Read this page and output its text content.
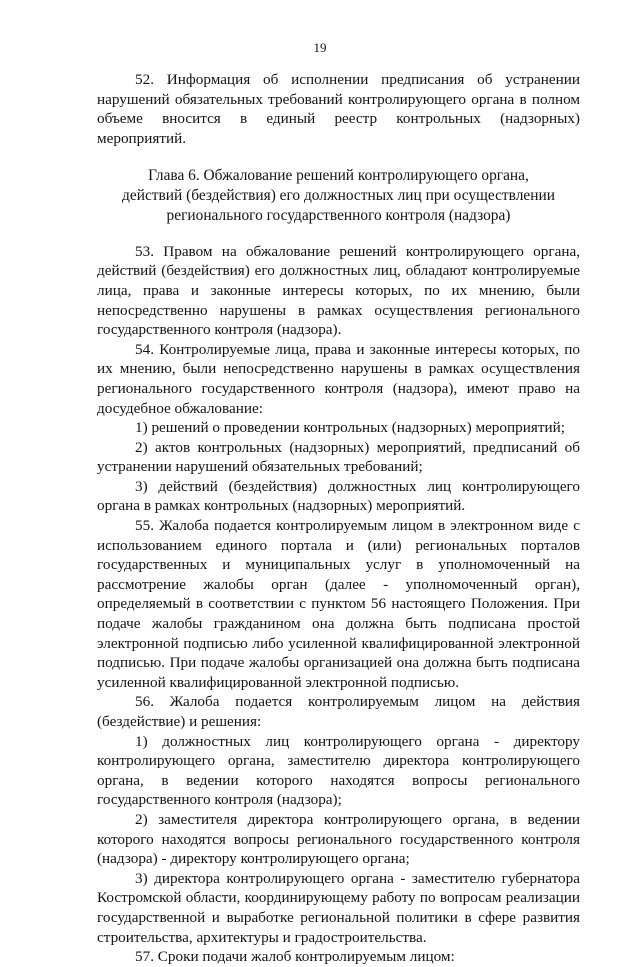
19

52. Информация об исполнении предписания об устранении нарушений обязательных требований контролирующего органа в полном объеме вносится в единый реестр контрольных (надзорных) мероприятий.

Глава 6. Обжалование решений контролирующего органа,
действий (бездействия) его должностных лиц при осуществлении
регионального государственного контроля (надзора)

53. Правом на обжалование решений контролирующего органа, действий (бездействия) его должностных лиц, обладают контролируемые лица, права и законные интересы которых, по их мнению, были непосредственно нарушены в рамках осуществления регионального государственного контроля (надзора).

54. Контролируемые лица, права и законные интересы которых, по их мнению, были непосредственно нарушены в рамках осуществления регионального государственного контроля (надзора), имеют право на досудебное обжалование:

1) решений о проведении контрольных (надзорных) мероприятий;

2) актов контрольных (надзорных) мероприятий, предписаний об устранении нарушений обязательных требований;

3) действий (бездействия) должностных лиц контролирующего органа в рамках контрольных (надзорных) мероприятий.

55. Жалоба подается контролируемым лицом в электронном виде с использованием единого портала и (или) региональных порталов государственных и муниципальных услуг в уполномоченный на рассмотрение жалобы орган (далее - уполномоченный орган), определяемый в соответствии с пунктом 56 настоящего Положения. При подаче жалобы гражданином она должна быть подписана простой электронной подписью либо усиленной квалифицированной электронной подписью. При подаче жалобы организацией она должна быть подписана усиленной квалифицированной электронной подписью.

56. Жалоба подается контролируемым лицом на действия (бездействие) и решения:

1) должностных лиц контролирующего органа - директору контролирующего органа, заместителю директора контролирующего органа, в ведении которого находятся вопросы регионального государственного контроля (надзора);

2) заместителя директора контролирующего органа, в ведении которого находятся вопросы регионального государственного контроля (надзора) - директору контролирующего органа;

3) директора контролирующего органа - заместителю губернатора Костромской области, координирующему работу по вопросам реализации государственной и выработке региональной политики в сфере развития строительства, архитектуры и градостроительства.

57. Сроки подачи жалоб контролируемым лицом:
